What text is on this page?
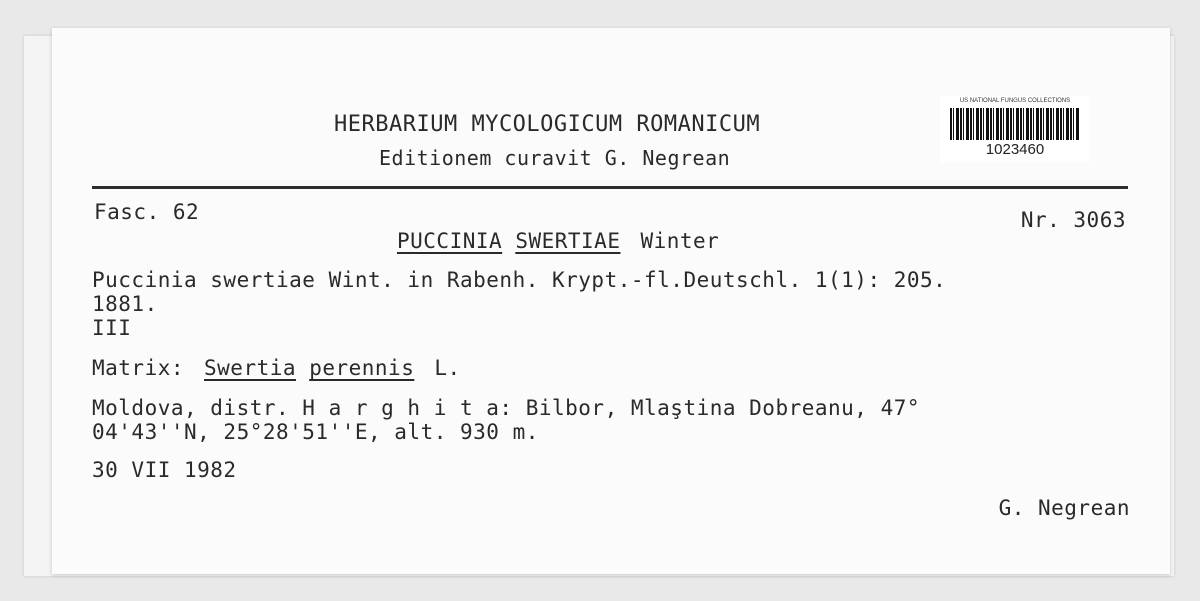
HERBARIUM MYCOLOGICUM ROMANICUM
Editionem curavit G. Negrean
US NATIONAL FUNGUS COLLECTIONS
1023460
Fasc. 62	Nr. 3063
PUCCINIA SWERTIAE Winter
Puccinia swertiae Wint. in Rabenh. Krypt.-fl.Deutschl. 1(1): 205.
1881.
III
Matrix: Swertia perennis L.
Moldova, distr. H a r g h i t a: Bilbor, Mlaştina Dobreanu, 47°
04'43''N, 25°28'51''E, alt. 930 m.
30 VII 1982
G. Negrean
